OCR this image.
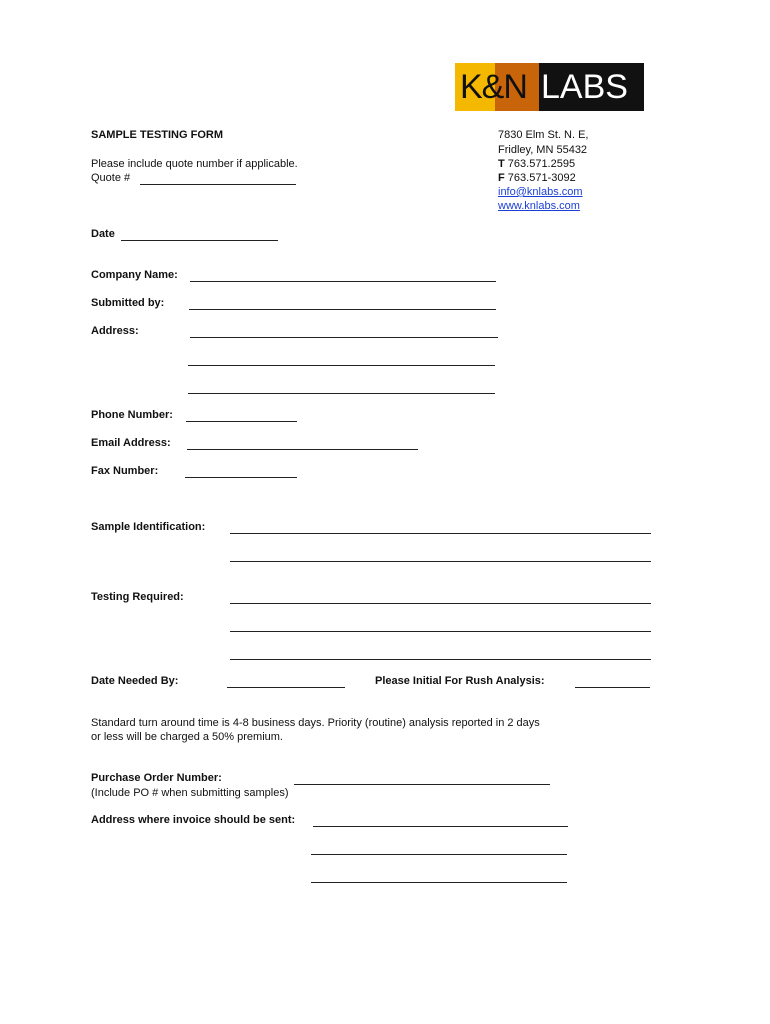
K&N LABS
SAMPLE TESTING FORM
Please include quote number if applicable.
Quote #
7830 Elm St. N. E,
Fridley, MN 55432
T 763.571.2595
F 763.571-3092
info@knlabs.com
www.knlabs.com
Date
Company Name:
Submitted by:
Address:
Phone Number:
Email Address:
Fax Number:
Sample Identification:
Testing Required:
Date Needed By:	Please Initial For Rush Analysis:
Standard turn around time is 4-8 business days. Priority (routine) analysis reported in 2 days
or less will be charged a 50% premium.
Purchase Order Number:
(Include PO # when submitting samples)
Address where invoice should be sent:
